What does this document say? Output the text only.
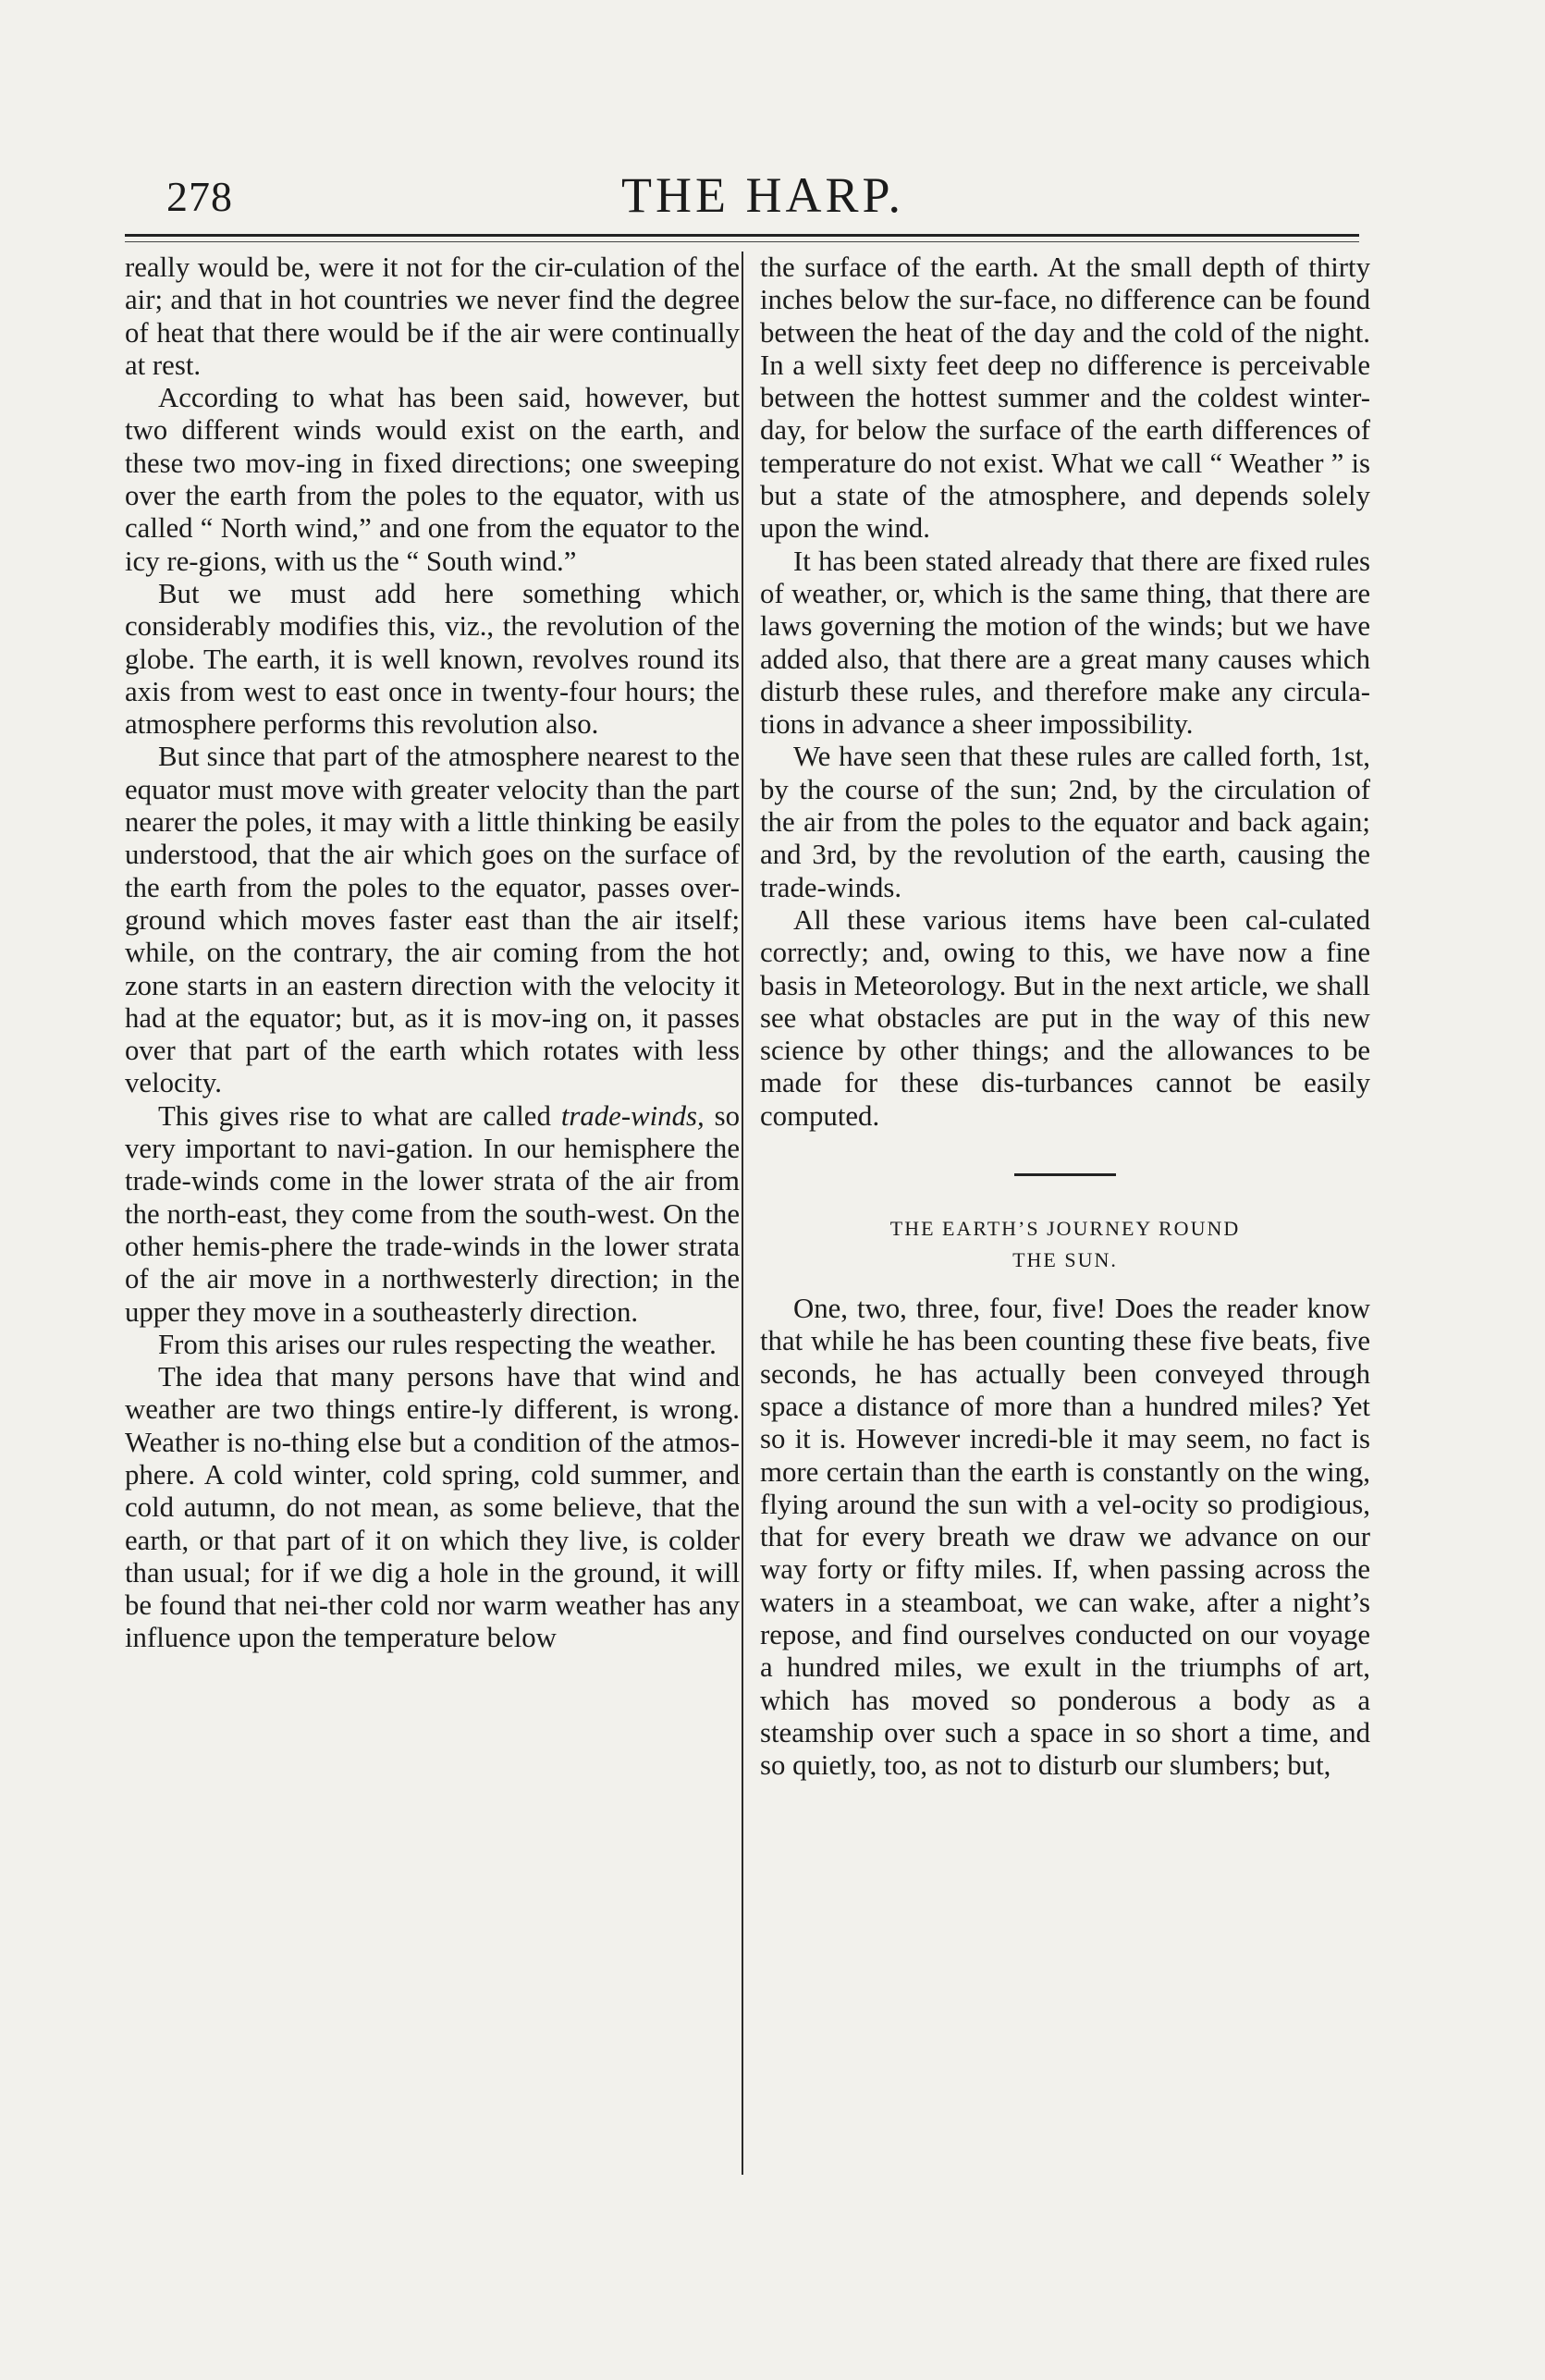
278	THE HARP.

really would be, were it not for the cir-culation of the air; and that in hot countries we never find the degree of heat that there would be if the air were continually at rest.

According to what has been said, however, but two different winds would exist on the earth, and these two mov-ing in fixed directions; one sweeping over the earth from the poles to the equator, with us called “ North wind,” and one from the equator to the icy re-gions, with us the “ South wind.”

But we must add here something which considerably modifies this, viz., the revolution of the globe. The earth, it is well known, revolves round its axis from west to east once in twenty-four hours; the atmosphere performs this revolution also.

But since that part of the atmosphere nearest to the equator must move with greater velocity than the part nearer the poles, it may with a little thinking be easily understood, that the air which goes on the surface of the earth from the poles to the equator, passes over-ground which moves faster east than the air itself; while, on the contrary, the air coming from the hot zone starts in an eastern direction with the velocity it had at the equator; but, as it is mov-ing on, it passes over that part of the earth which rotates with less velocity.

This gives rise to what are called trade-winds, so very important to navi-gation. In our hemisphere the trade-winds come in the lower strata of the air from the north-east, they come from the south-west. On the other hemis-phere the trade-winds in the lower strata of the air move in a northwesterly direction; in the upper they move in a southeasterly direction.

From this arises our rules respecting the weather.

The idea that many persons have that wind and weather are two things entire-ly different, is wrong. Weather is no-thing else but a condition of the atmos-phere. A cold winter, cold spring, cold summer, and cold autumn, do not mean, as some believe, that the earth, or that part of it on which they live, is colder than usual; for if we dig a hole in the ground, it will be found that nei-ther cold nor warm weather has any influence upon the temperature below

the surface of the earth. At the small depth of thirty inches below the sur-face, no difference can be found between the heat of the day and the cold of the night. In a well sixty feet deep no difference is perceivable between the hottest summer and the coldest winter-day, for below the surface of the earth differences of temperature do not exist. What we call “ Weather ” is but a state of the atmosphere, and depends solely upon the wind.

It has been stated already that there are fixed rules of weather, or, which is the same thing, that there are laws governing the motion of the winds; but we have added also, that there are a great many causes which disturb these rules, and therefore make any circula-tions in advance a sheer impossibility.

We have seen that these rules are called forth, 1st, by the course of the sun; 2nd, by the circulation of the air from the poles to the equator and back again; and 3rd, by the revolution of the earth, causing the trade-winds.

All these various items have been cal-culated correctly; and, owing to this, we have now a fine basis in Meteorology. But in the next article, we shall see what obstacles are put in the way of this new science by other things; and the allowances to be made for these dis-turbances cannot be easily computed.

THE EARTH’S JOURNEY ROUND
THE SUN.

One, two, three, four, five! Does the reader know that while he has been counting these five beats, five seconds, he has actually been conveyed through space a distance of more than a hundred miles? Yet so it is. However incredi-ble it may seem, no fact is more certain than the earth is constantly on the wing, flying around the sun with a vel-ocity so prodigious, that for every breath we draw we advance on our way forty or fifty miles. If, when passing across the waters in a steamboat, we can wake, after a night’s repose, and find ourselves conducted on our voyage a hundred miles, we exult in the triumphs of art, which has moved so ponderous a body as a steamship over such a space in so short a time, and so quietly, too, as not to disturb our slumbers; but,
